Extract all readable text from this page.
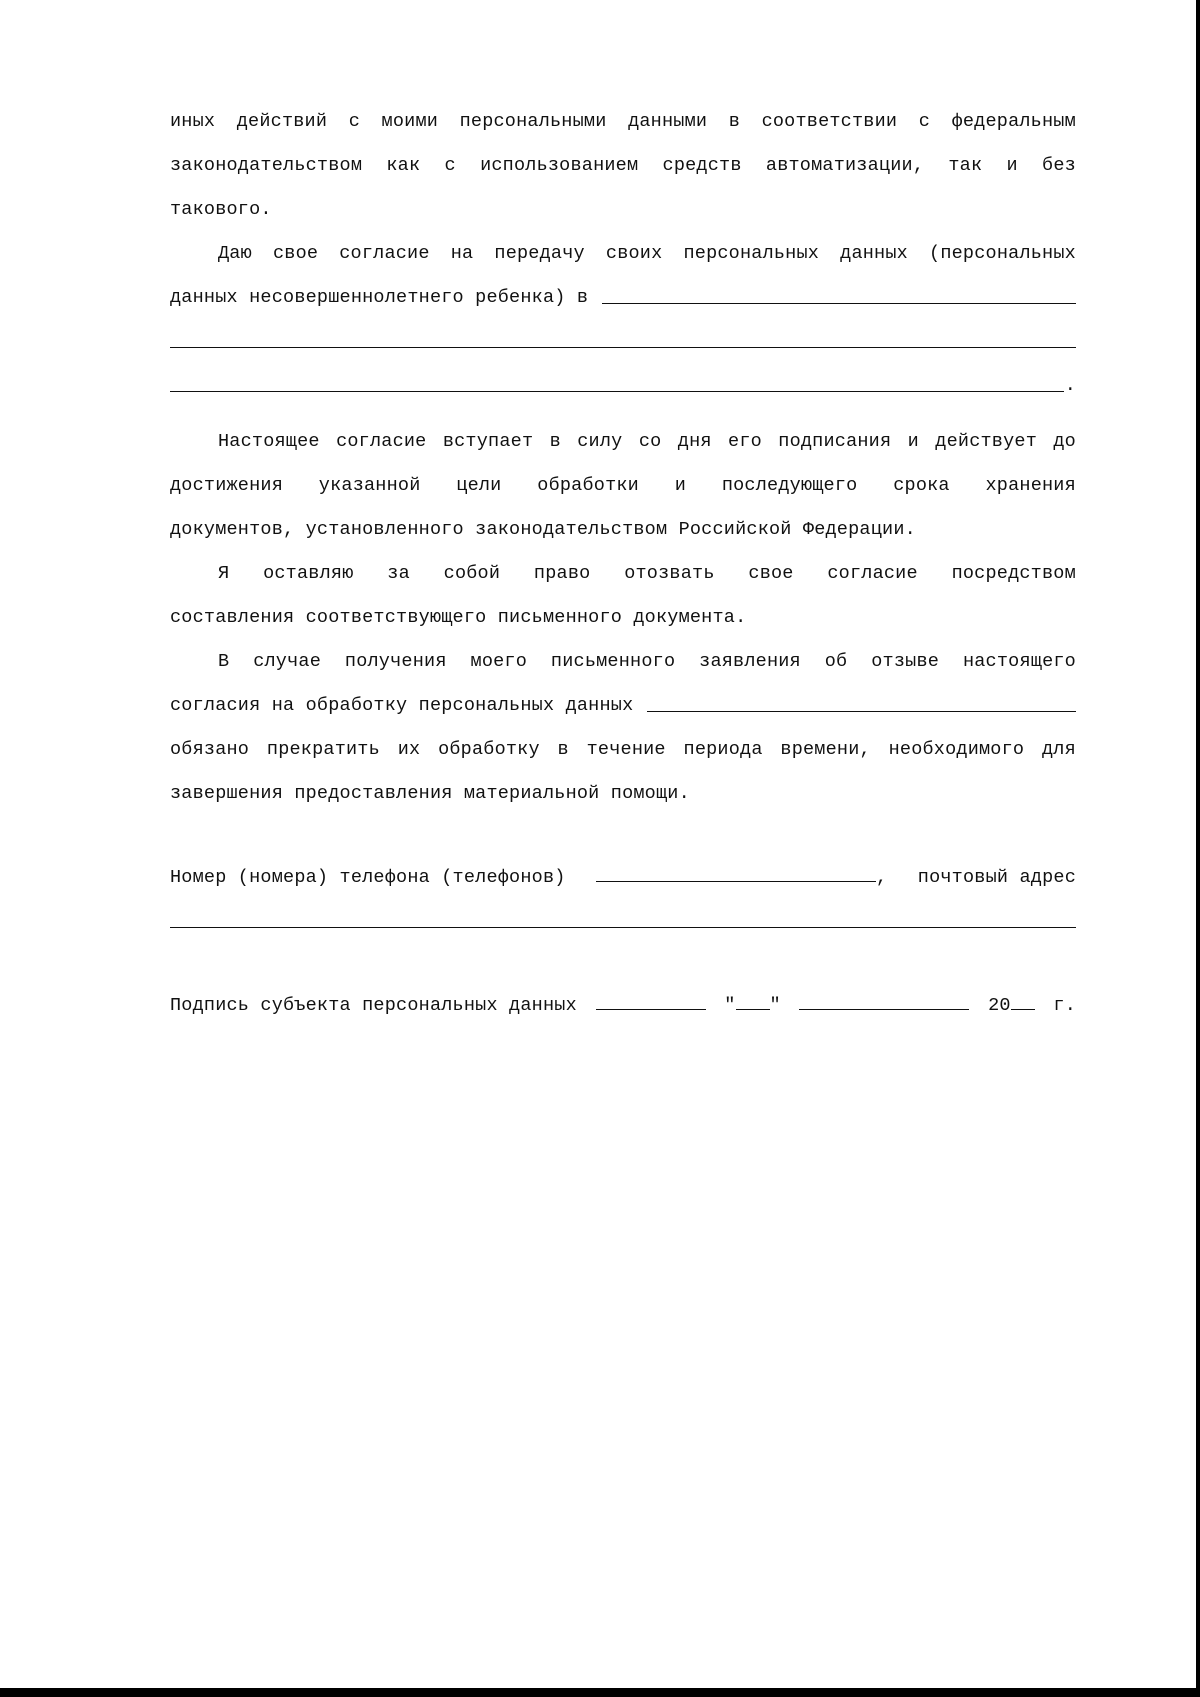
иных действий с моими персональными данными в соответствии с федеральным
законодательством как с использованием средств автоматизации, так и без
такового.
Даю свое согласие на передачу своих персональных данных (персональных
данных несовершеннолетнего ребенка) в
.
Настоящее согласие вступает в силу со дня его подписания и действует до
достижения указанной цели обработки и последующего срока хранения
документов, установленного законодательством Российской Федерации.
Я оставляю за собой право отозвать свое согласие посредством
составления соответствующего письменного документа.
В случае получения моего письменного заявления об отзыве настоящего
согласия на обработку персональных данных
обязано прекратить их обработку в течение периода времени, необходимого для
завершения предоставления материальной помощи.
Номер (номера) телефона (телефонов)	, почтовый адрес
Подпись субъекта персональных данных	" "	20 г.
